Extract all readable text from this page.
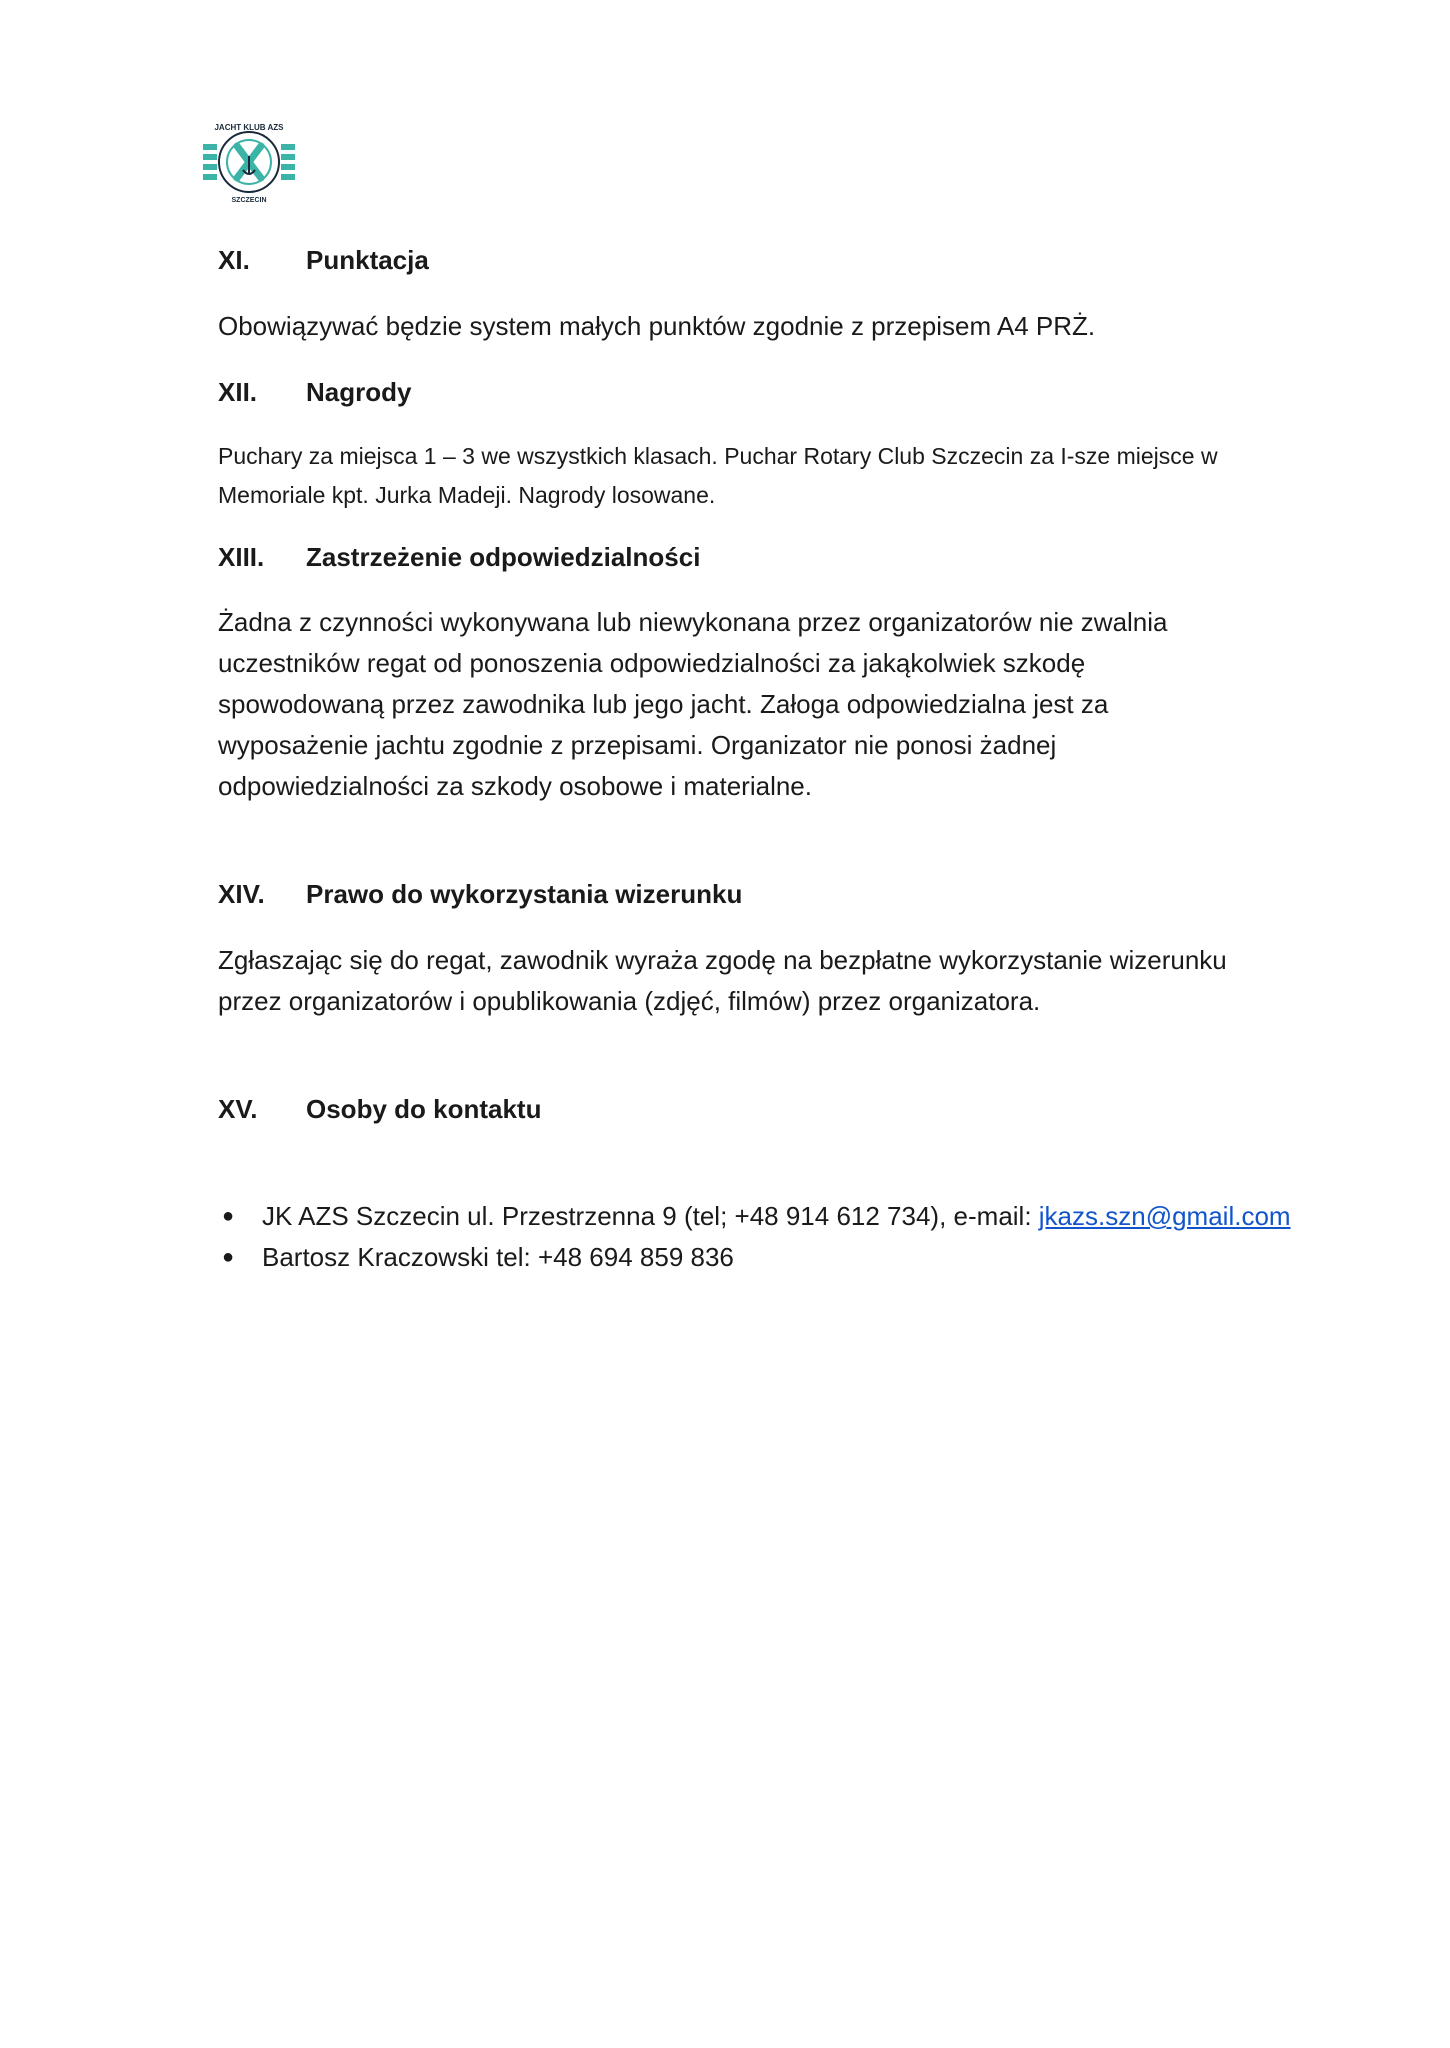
JACHT KLUB AZS
SZCZECIN
XI. Punktacja
Obowiązywać będzie system małych punktów zgodnie z przepisem A4 PRŻ.
XII. Nagrody
Puchary za miejsca 1 – 3 we wszystkich klasach. Puchar Rotary Club Szczecin za I-sze miejsce w
Memoriale kpt. Jurka Madeji. Nagrody losowane.
XIII. Zastrzeżenie odpowiedzialności
Żadna z czynności wykonywana lub niewykonana przez organizatorów nie zwalnia
uczestników regat od ponoszenia odpowiedzialności za jakąkolwiek szkodę
spowodowaną przez zawodnika lub jego jacht. Załoga odpowiedzialna jest za
wyposażenie jachtu zgodnie z przepisami. Organizator nie ponosi żadnej
odpowiedzialności za szkody osobowe i materialne.
XIV. Prawo do wykorzystania wizerunku
Zgłaszając się do regat, zawodnik wyraża zgodę na bezpłatne wykorzystanie wizerunku
przez organizatorów i opublikowania (zdjęć, filmów) przez organizatora.
XV. Osoby do kontaktu
● JK AZS Szczecin ul. Przestrzenna 9 (tel; +48 914 612 734), e-mail: jkazs.szn@gmail.com
● Bartosz Kraczowski tel: +48 694 859 836
